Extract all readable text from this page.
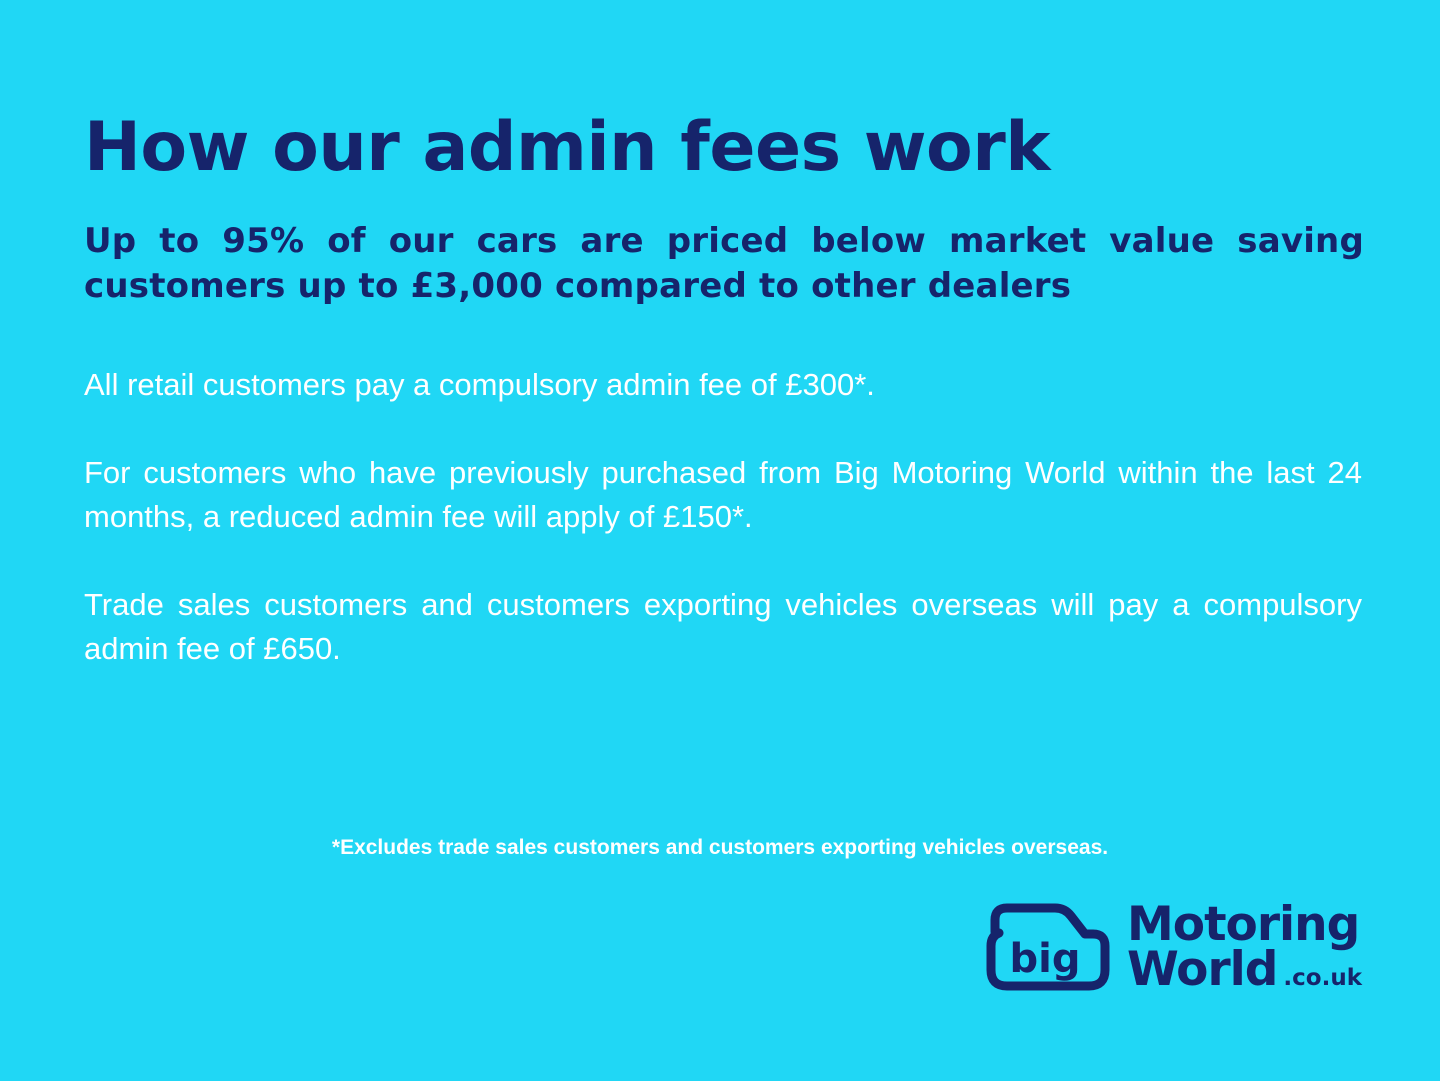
How our admin fees work

Up to 95% of our cars are priced below market value saving customers up to £3,000 compared to other dealers

All retail customers pay a compulsory admin fee of £300*.

For customers who have previously purchased from Big Motoring World within the last 24 months, a reduced admin fee will apply of £150*.

Trade sales customers and customers exporting vehicles overseas will pay a compulsory admin fee of £650.

*Excludes trade sales customers and customers exporting vehicles overseas.
big
Motoring
World .co.uk
